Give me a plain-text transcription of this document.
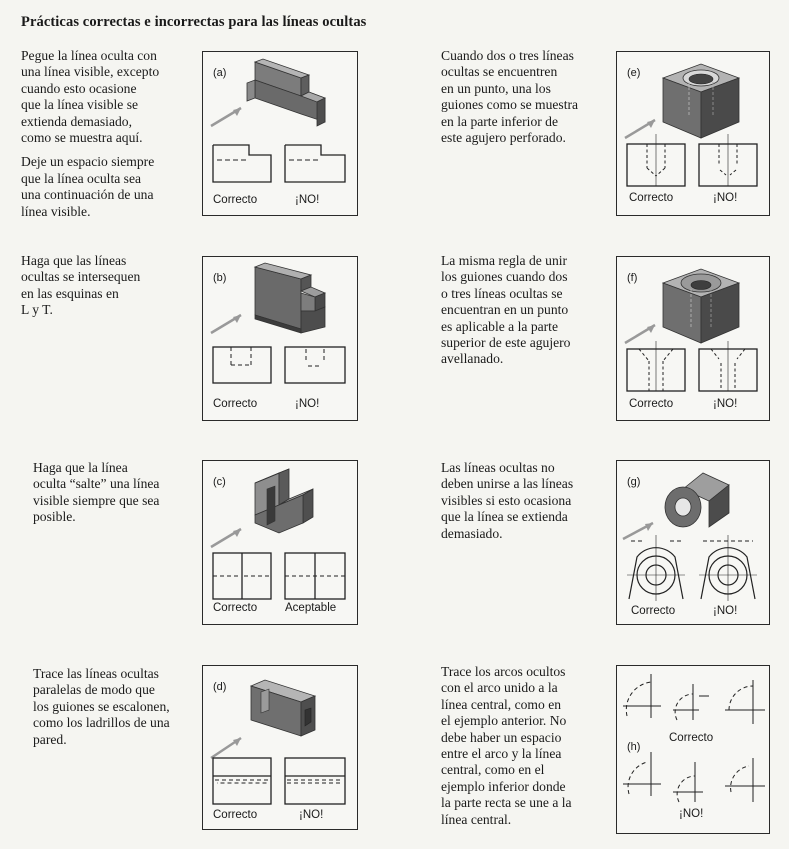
Prácticas correctas e incorrectas para las líneas ocultas
Pegue la línea oculta con
una línea visible, excepto
cuando esto ocasione
que la línea visible se
extienda demasiado,
como se muestra aquí.
Deje un espacio siempre
que la línea oculta sea
una continuación de una
línea visible.
Haga que las líneas
ocultas se intersequen
en las esquinas en
L y T.
Haga que la línea
oculta “salte” una línea
visible siempre que sea
posible.
Trace las líneas ocultas
paralelas de modo que
los guiones se escalonen,
como los ladrillos de una
pared.
Cuando dos o tres líneas
ocultas se encuentren
en un punto, una los
guiones como se muestra
en la parte inferior de
este agujero perforado.
La misma regla de unir
los guiones cuando dos
o tres líneas ocultas se
encuentran en un punto
es aplicable a la parte
superior de este agujero
avellanado.
Las líneas ocultas no
deben unirse a las líneas
visibles si esto ocasiona
que la línea se extienda
demasiado.
Trace los arcos ocultos
con el arco unido a la
línea central, como en
el ejemplo anterior. No
debe haber un espacio
entre el arco y la línea
central, como en el
ejemplo inferior donde
la parte recta se une a la
línea central.
(a)
Correcto	¡NO!
(b)
Correcto	¡NO!
(c)
Correcto Aceptable
(d)
Correcto	¡NO!
(e)
Correcto	¡NO!
(f)
Correcto	¡NO!
(g)
Correcto	¡NO!
(h)
Correcto
¡NO!
